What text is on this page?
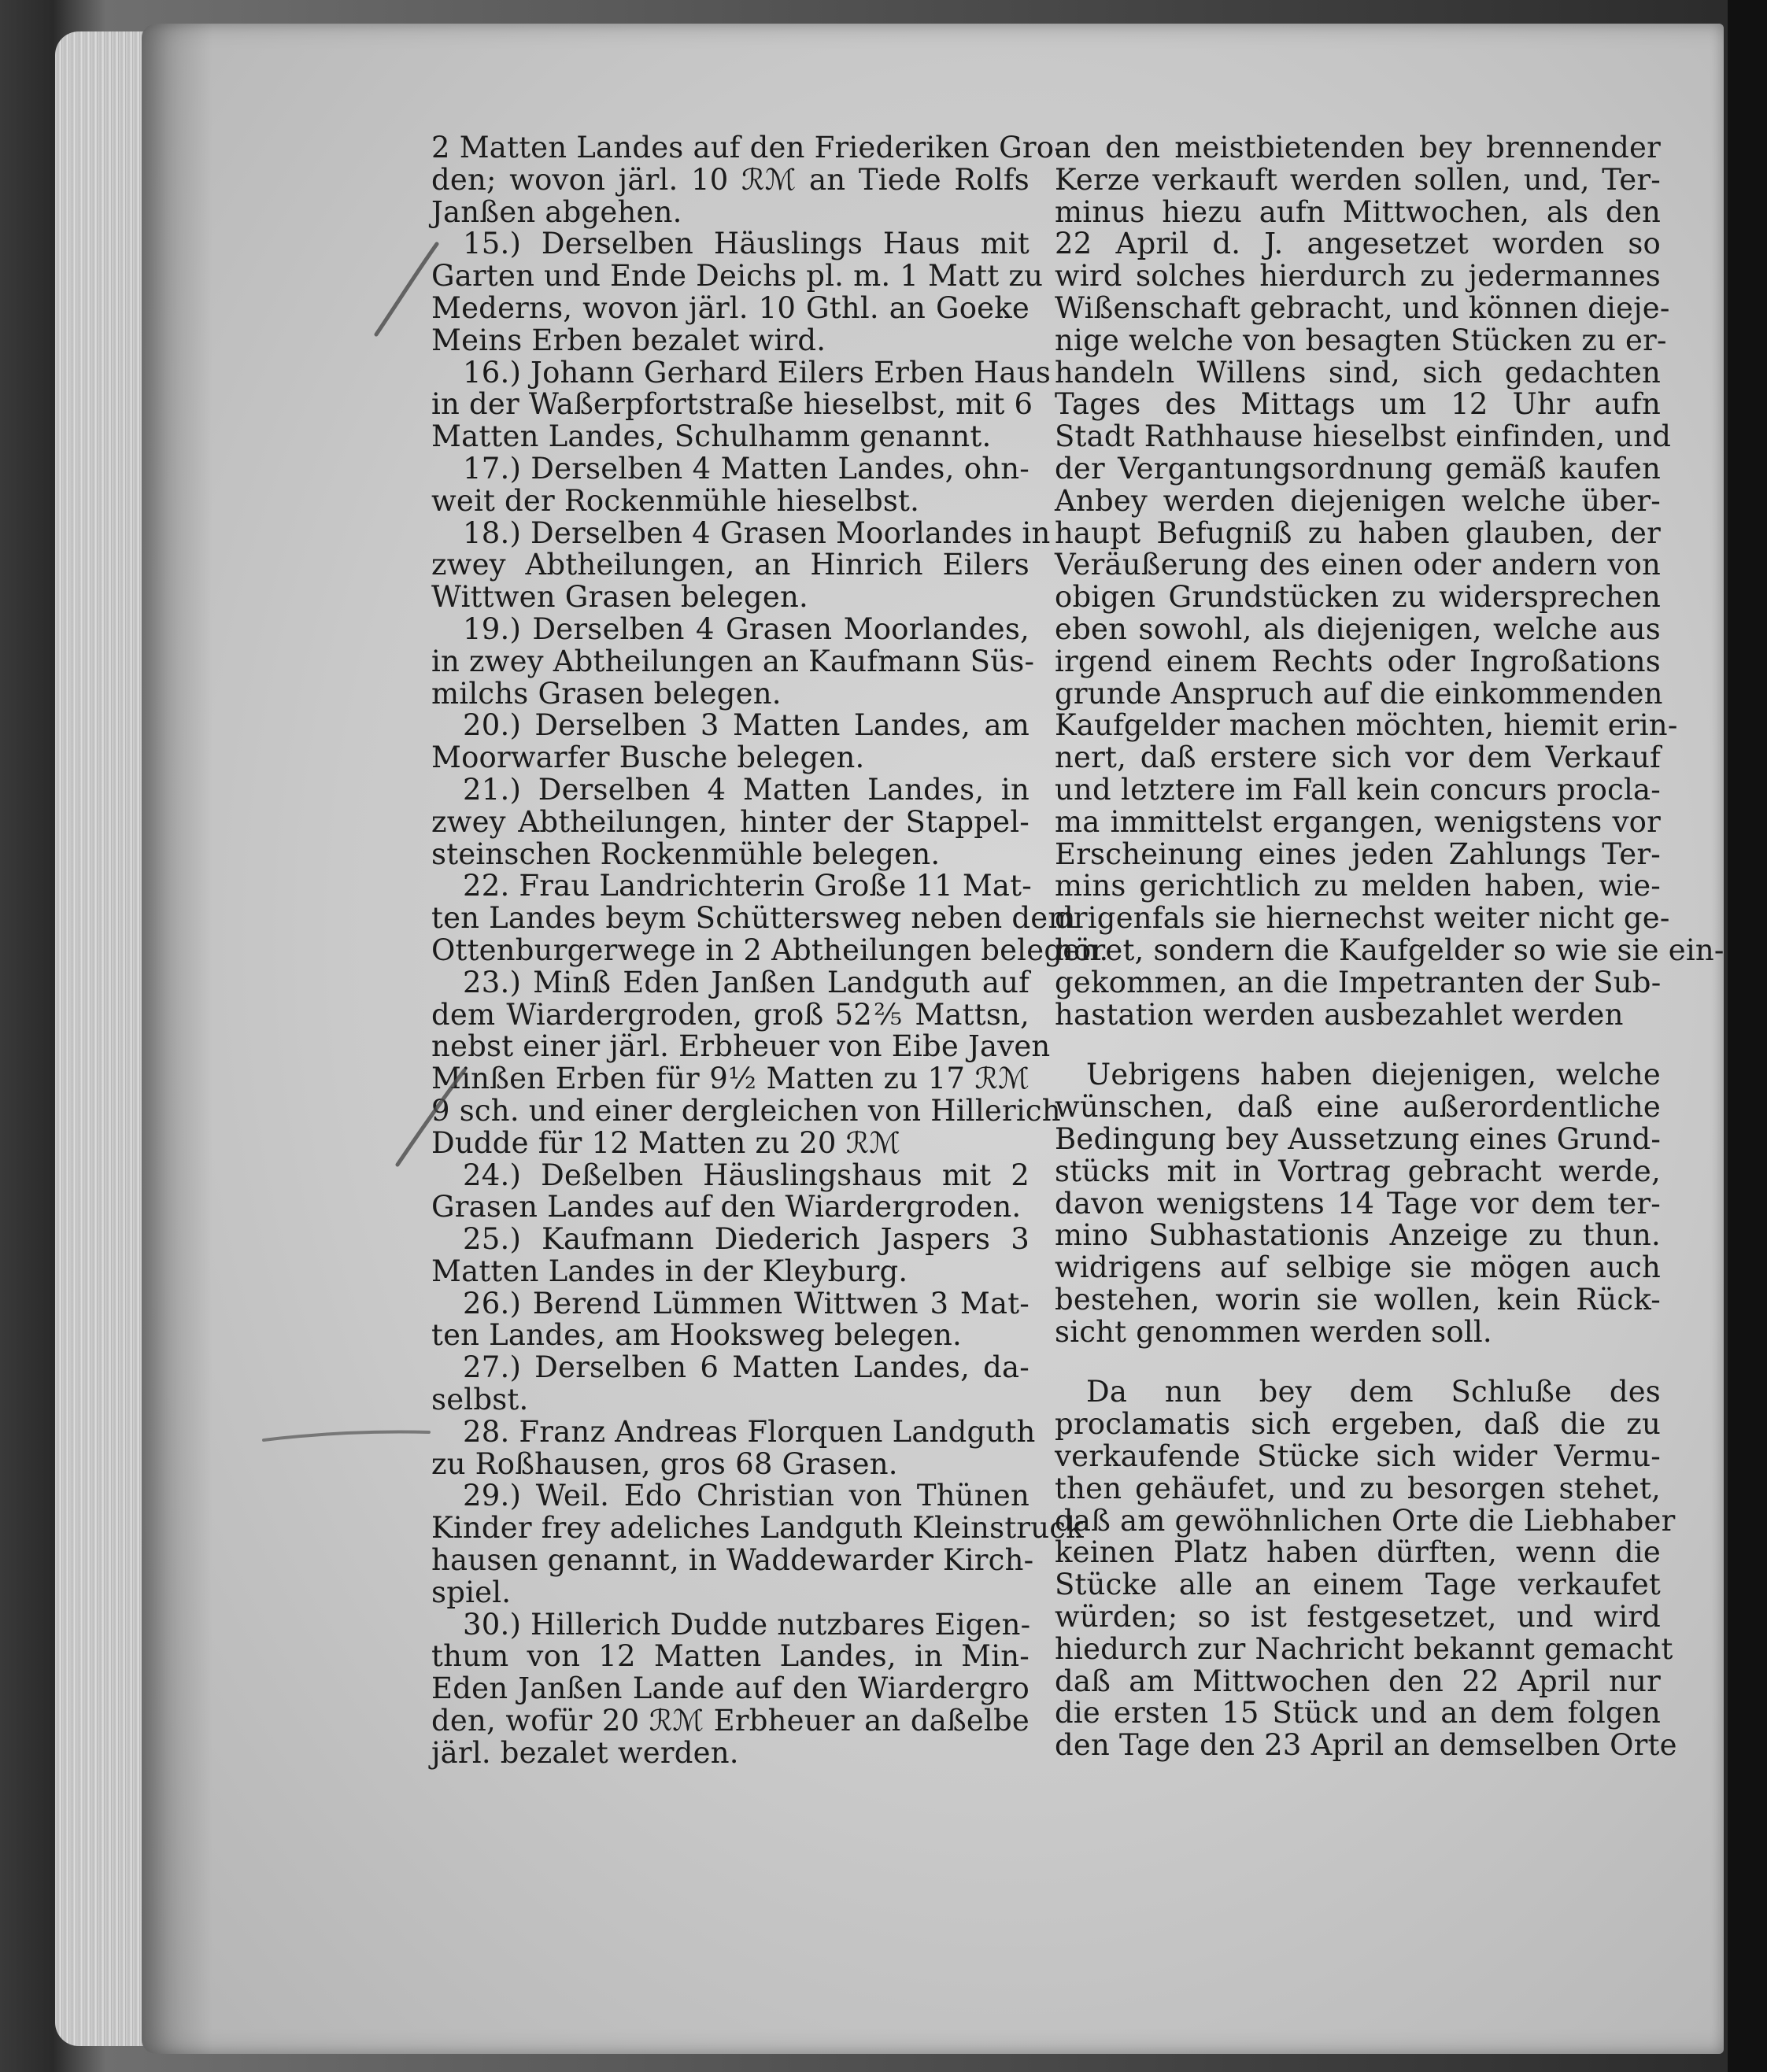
2 Matten Landes auf den Friederiken Gro-
den; wovon järl. 10 ℛℳ an Tiede Rolfs
Janßen abgehen.
15.) Derselben Häuslings Haus mit
Garten und Ende Deichs pl. m. 1 Matt zu
Mederns, wovon järl. 10 Gthl. an Goeke
Meins Erben bezalet wird.
16.) Johann Gerhard Eilers Erben Haus
in der Waßerpfortstraße hieselbst, mit 6
Matten Landes, Schulhamm genannt.
17.) Derselben 4 Matten Landes, ohn-
weit der Rockenmühle hieselbst.
18.) Derselben 4 Grasen Moorlandes in
zwey Abtheilungen, an Hinrich Eilers
Wittwen Grasen belegen.
19.) Derselben 4 Grasen Moorlandes,
in zwey Abtheilungen an Kaufmann Süs-
milchs Grasen belegen.
20.) Derselben 3 Matten Landes, am
Moorwarfer Busche belegen.
21.) Derselben 4 Matten Landes, in
zwey Abtheilungen, hinter der Stappel-
steinschen Rockenmühle belegen.
22. Frau Landrichterin Große 11 Mat-
ten Landes beym Schüttersweg neben dem
Ottenburgerwege in 2 Abtheilungen belegen.
23.) Minß Eden Janßen Landguth auf
dem Wiardergroden, groß 52⅖ Mattsn,
nebst einer järl. Erbheuer von Eibe Javen
Minßen Erben für 9½ Matten zu 17 ℛℳ
9 sch. und einer dergleichen von Hillerich
Dudde für 12 Matten zu 20 ℛℳ
24.) Deßelben Häuslingshaus mit 2
Grasen Landes auf den Wiardergroden.
25.) Kaufmann Diederich Jaspers 3
Matten Landes in der Kleyburg.
26.) Berend Lümmen Wittwen 3 Mat-
ten Landes, am Hooksweg belegen.
27.) Derselben 6 Matten Landes, da-
selbst.
28. Franz Andreas Florquen Landguth
zu Roßhausen, gros 68 Grasen.
29.) Weil. Edo Christian von Thünen
Kinder frey adeliches Landguth Kleinstruck
hausen genannt, in Waddewarder Kirch-
spiel.
30.) Hillerich Dudde nutzbares Eigen-
thum von 12 Matten Landes, in Min-
Eden Janßen Lande auf den Wiardergro
den, wofür 20 ℛℳ Erbheuer an daßelbe
järl. bezalet werden.
an den meistbietenden bey brennender
Kerze verkauft werden sollen, und, Ter-
minus hiezu aufn Mittwochen, als den
22 April d. J. angesetzet worden so
wird solches hierdurch zu jedermannes
Wißenschaft gebracht, und können dieje-
nige welche von besagten Stücken zu er-
handeln Willens sind, sich gedachten
Tages des Mittags um 12 Uhr aufn
Stadt Rathhause hieselbst einfinden, und
der Vergantungsordnung gemäß kaufen
Anbey werden diejenigen welche über-
haupt Befugniß zu haben glauben, der
Veräußerung des einen oder andern von
obigen Grundstücken zu widersprechen
eben sowohl, als diejenigen, welche aus
irgend einem Rechts oder Ingroßations
grunde Anspruch auf die einkommenden
Kaufgelder machen möchten, hiemit erin-
nert, daß erstere sich vor dem Verkauf
und letztere im Fall kein concurs procla-
ma immittelst ergangen, wenigstens vor
Erscheinung eines jeden Zahlungs Ter-
mins gerichtlich zu melden haben, wie-
drigenfals sie hiernechst weiter nicht ge-
höret, sondern die Kaufgelder so wie sie ein-
gekommen, an die Impetranten der Sub-
hastation werden ausbezahlet werden
Uebrigens haben diejenigen, welche
wünschen, daß eine außerordentliche
Bedingung bey Aussetzung eines Grund-
stücks mit in Vortrag gebracht werde,
davon wenigstens 14 Tage vor dem ter-
mino Subhastationis Anzeige zu thun.
widrigens auf selbige sie mögen auch
bestehen, worin sie wollen, kein Rück-
sicht genommen werden soll.
Da nun bey dem Schluße des
proclamatis sich ergeben, daß die zu
verkaufende Stücke sich wider Vermu-
then gehäufet, und zu besorgen stehet,
daß am gewöhnlichen Orte die Liebhaber
keinen Platz haben dürften, wenn die
Stücke alle an einem Tage verkaufet
würden; so ist festgesetzet, und wird
hiedurch zur Nachricht bekannt gemacht
daß am Mittwochen den 22 April nur
die ersten 15 Stück und an dem folgen
den Tage den 23 April an demselben Orte
